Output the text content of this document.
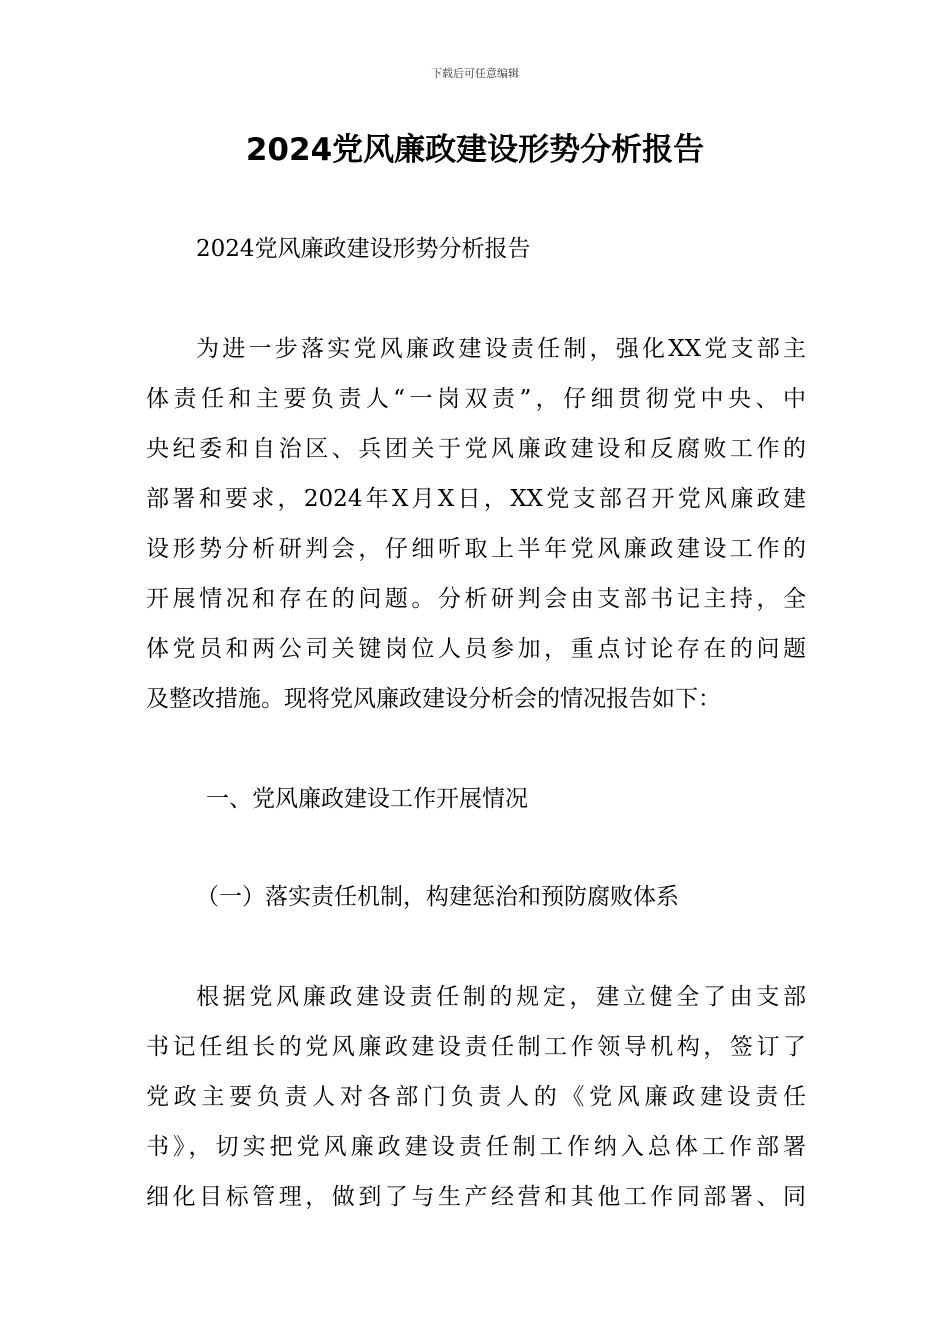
下载后可任意编辑
2024党风廉政建设形势分析报告
2024党风廉政建设形势分析报告
为进一步落实党风廉政建设责任制，强化XX党支部主
体责任和主要负责人“一岗双责”，仔细贯彻党中央、中
央纪委和自治区、兵团关于党风廉政建设和反腐败工作的
部署和要求，2024年X月X日，XX党支部召开党风廉政建
设形势分析研判会，仔细听取上半年党风廉政建设工作的
开展情况和存在的问题。分析研判会由支部书记主持，全
体党员和两公司关键岗位人员参加，重点讨论存在的问题
及整改措施。现将党风廉政建设分析会的情况报告如下：
一、党风廉政建设工作开展情况
（一）落实责任机制，构建惩治和预防腐败体系
根据党风廉政建设责任制的规定，建立健全了由支部
书记任组长的党风廉政建设责任制工作领导机构，签订了
党政主要负责人对各部门负责人的《党风廉政建设责任
书》，切实把党风廉政建设责任制工作纳入总体工作部署
细化目标管理，做到了与生产经营和其他工作同部署、同
